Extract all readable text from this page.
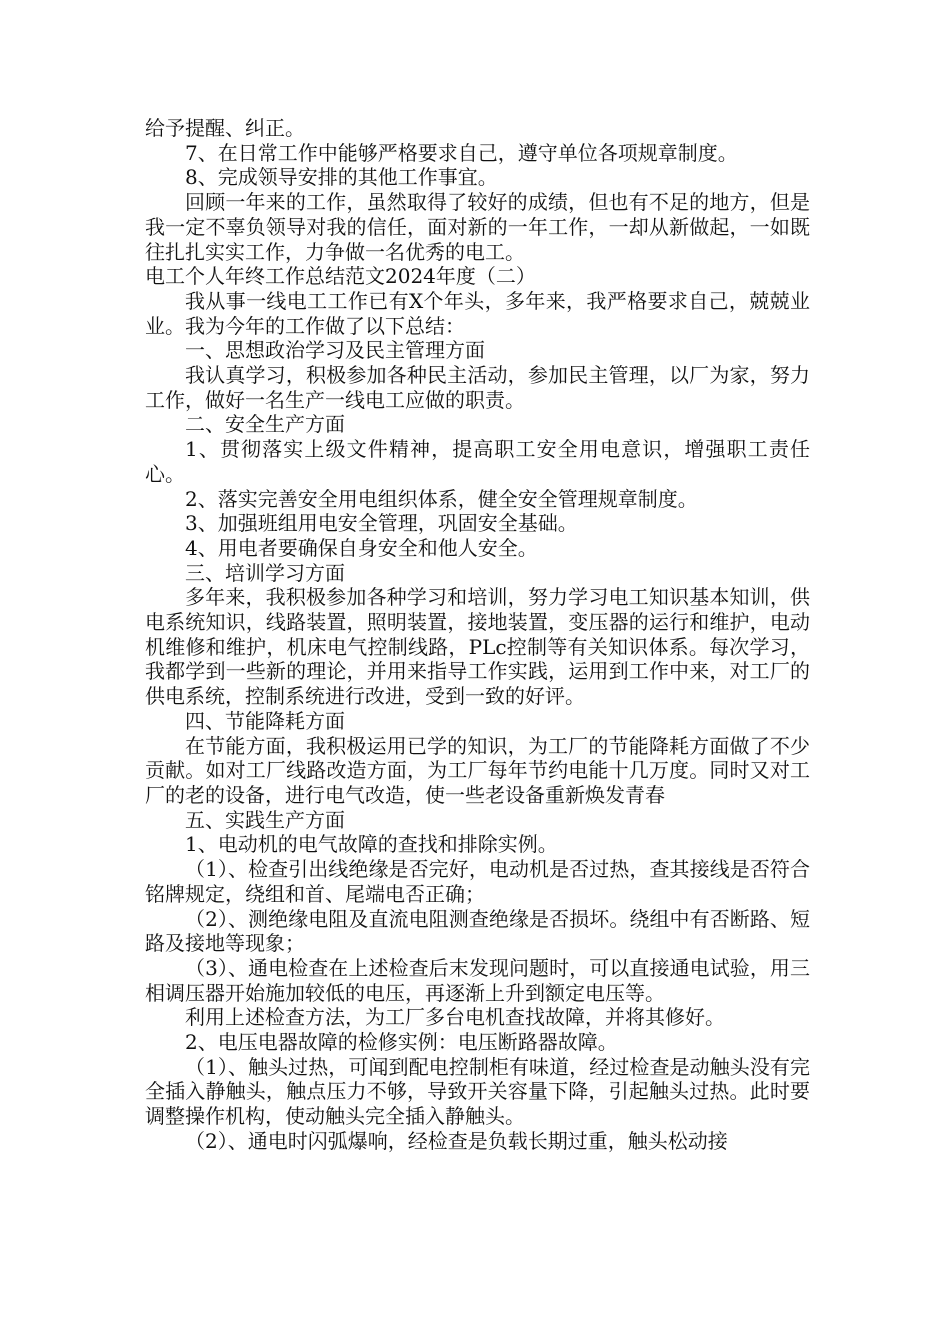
给予提醒、纠正。

7、在日常工作中能够严格要求自己，遵守单位各项规章制度。

8、完成领导安排的其他工作事宜。

回顾一年来的工作，虽然取得了较好的成绩，但也有不足的地方，但是我一定不辜负领导对我的信任，面对新的一年工作，一却从新做起，一如既往扎扎实实工作，力争做一名优秀的电工。

电工个人年终工作总结范文2024年度（二）

我从事一线电工工作已有X个年头，多年来，我严格要求自己，兢兢业业。我为今年的工作做了以下总结：

一、思想政治学习及民主管理方面

我认真学习，积极参加各种民主活动，参加民主管理，以厂为家，努力工作，做好一名生产一线电工应做的职责。

二、安全生产方面

1、贯彻落实上级文件精神，提高职工安全用电意识，增强职工责任心。

2、落实完善安全用电组织体系，健全安全管理规章制度。

3、加强班组用电安全管理，巩固安全基础。

4、用电者要确保自身安全和他人安全。

三、培训学习方面

多年来，我积极参加各种学习和培训，努力学习电工知识基本知训，供电系统知识，线路装置，照明装置，接地装置，变压器的运行和维护，电动机维修和维护，机床电气控制线路，PLc控制等有关知识体系。每次学习，我都学到一些新的理论，并用来指导工作实践，运用到工作中来，对工厂的供电系统，控制系统进行改进，受到一致的好评。

四、节能降耗方面

在节能方面，我积极运用已学的知识，为工厂的节能降耗方面做了不少贡献。如对工厂线路改造方面，为工厂每年节约电能十几万度。同时又对工厂的老的设备，进行电气改造，使一些老设备重新焕发青春

五、实践生产方面

1、电动机的电气故障的查找和排除实例。

（1）、检查引出线绝缘是否完好，电动机是否过热，查其接线是否符合铭牌规定，绕组和首、尾端电否正确；

（2）、测绝缘电阻及直流电阻测查绝缘是否损坏。绕组中有否断路、短路及接地等现象；

（3）、通电检查在上述检查后末发现问题时，可以直接通电试验，用三相调压器开始施加较低的电压，再逐渐上升到额定电压等。

利用上述检查方法，为工厂多台电机查找故障，并将其修好。

2、电压电器故障的检修实例：电压断路器故障。

（1）、触头过热，可闻到配电控制柜有味道，经过检查是动触头没有完全插入静触头，触点压力不够，导致开关容量下降，引起触头过热。此时要调整操作机构，使动触头完全插入静触头。

（2）、通电时闪弧爆响，经检查是负载长期过重，触头松动接
